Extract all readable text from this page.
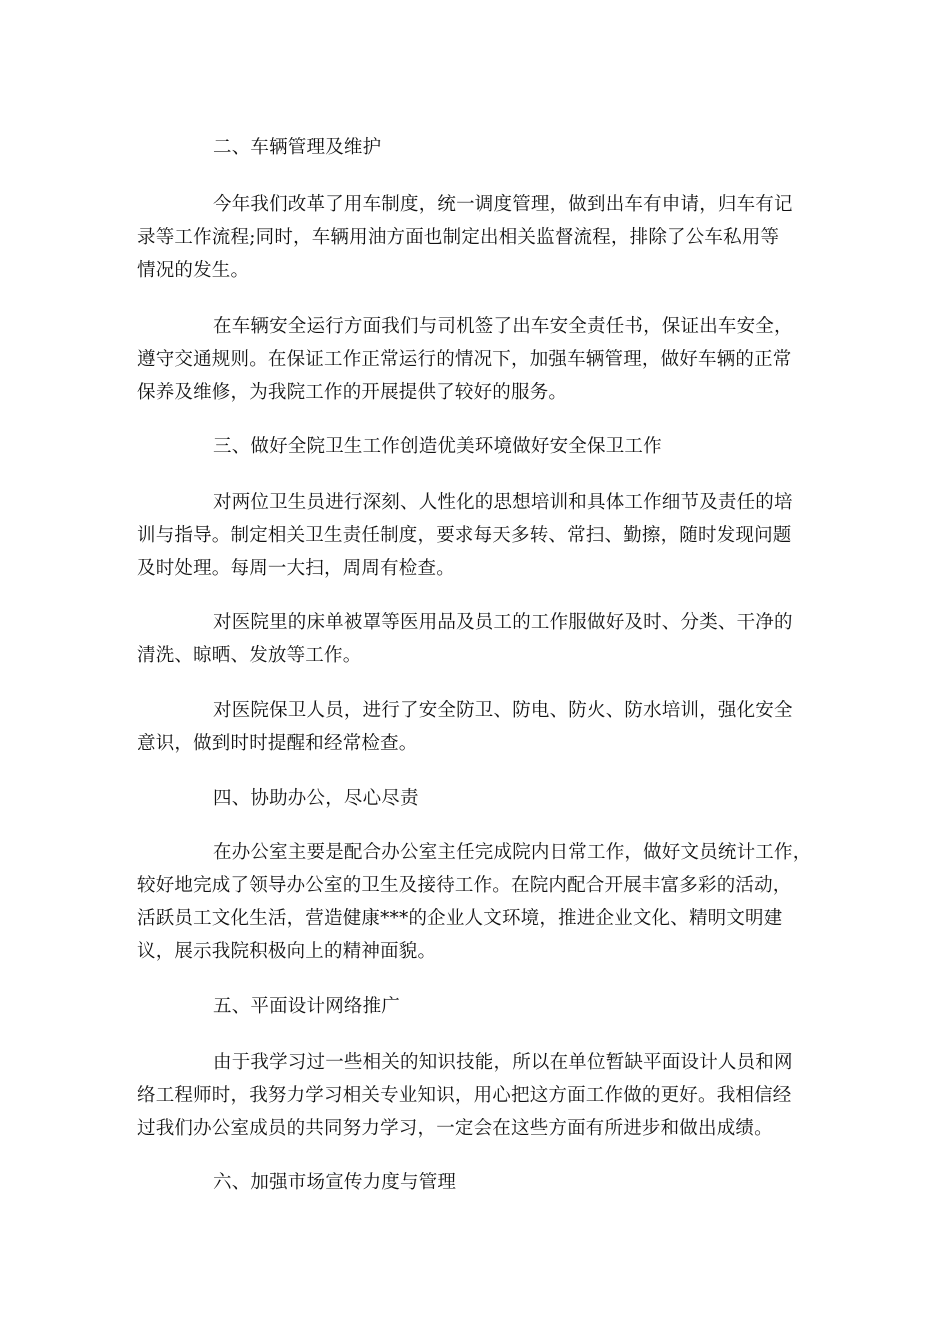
二、车辆管理及维护
今年我们改革了用车制度，统一调度管理，做到出车有申请，归车有记
录等工作流程;同时，车辆用油方面也制定出相关监督流程，排除了公车私用等
情况的发生。
在车辆安全运行方面我们与司机签了出车安全责任书，保证出车安全，
遵守交通规则。在保证工作正常运行的情况下，加强车辆管理，做好车辆的正常
保养及维修，为我院工作的开展提供了较好的服务。
三、做好全院卫生工作创造优美环境做好安全保卫工作
对两位卫生员进行深刻、人性化的思想培训和具体工作细节及责任的培
训与指导。制定相关卫生责任制度，要求每天多转、常扫、勤擦，随时发现问题
及时处理。每周一大扫，周周有检查。
对医院里的床单被罩等医用品及员工的工作服做好及时、分类、干净的
清洗、晾晒、发放等工作。
对医院保卫人员，进行了安全防卫、防电、防火、防水培训，强化安全
意识，做到时时提醒和经常检查。
四、协助办公，尽心尽责
在办公室主要是配合办公室主任完成院内日常工作，做好文员统计工作，
较好地完成了领导办公室的卫生及接待工作。在院内配合开展丰富多彩的活动，
活跃员工文化生活，营造健康***的企业人文环境，推进企业文化、精明文明建
议，展示我院积极向上的精神面貌。
五、平面设计网络推广
由于我学习过一些相关的知识技能，所以在单位暂缺平面设计人员和网
络工程师时，我努力学习相关专业知识，用心把这方面工作做的更好。我相信经
过我们办公室成员的共同努力学习，一定会在这些方面有所进步和做出成绩。
六、加强市场宣传力度与管理
